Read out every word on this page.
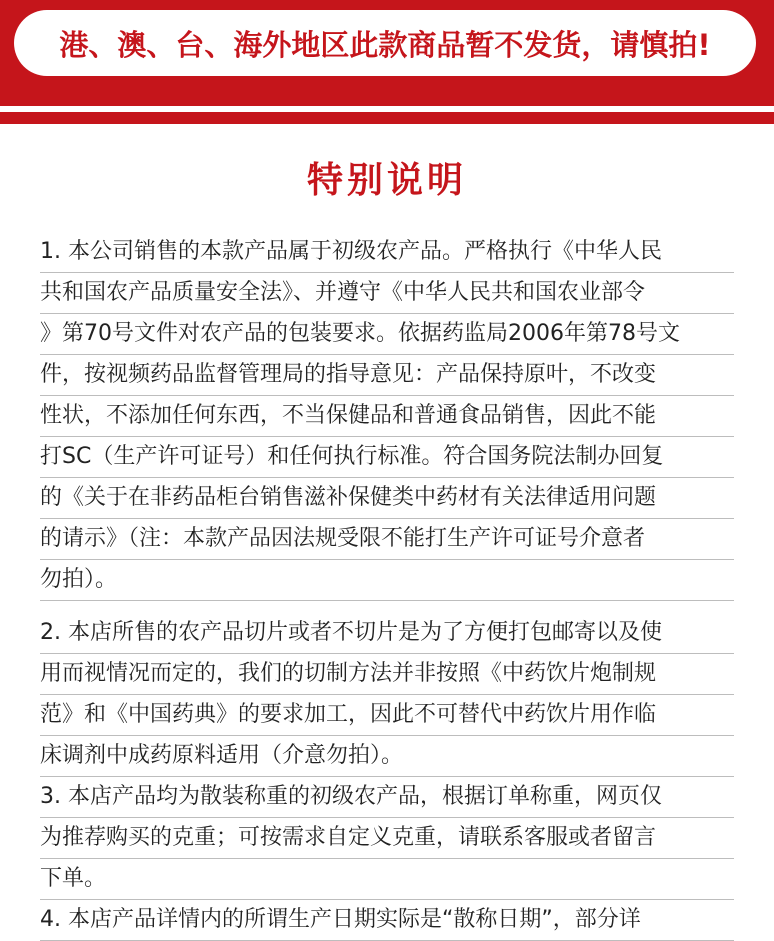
港、澳、台、海外地区此款商品暂不发货，请慎拍!
特别说明
1. 本公司销售的本款产品属于初级农产品。严格执行《中华人民
共和国农产品质量安全法》、并遵守《中华人民共和国农业部令
》第70号文件对农产品的包装要求。依据药监局2006年第78号文
件，按视频药品监督管理局的指导意见：产品保持原叶，不改变
性状，不添加任何东西，不当保健品和普通食品销售，因此不能
打SC（生产许可证号）和任何执行标准。符合国务院法制办回复
的《关于在非药品柜台销售滋补保健类中药材有关法律适用问题
的请示》（注：本款产品因法规受限不能打生产许可证号介意者
勿拍）。
2. 本店所售的农产品切片或者不切片是为了方便打包邮寄以及使
用而视情况而定的，我们的切制方法并非按照《中药饮片炮制规
范》和《中国药典》的要求加工，因此不可替代中药饮片用作临
床调剂中成药原料适用（介意勿拍）。
3. 本店产品均为散装称重的初级农产品，根据订单称重，网页仅
为推荐购买的克重；可按需求自定义克重，请联系客服或者留言
下单。
4. 本店产品详情内的所谓生产日期实际是“散称日期”，部分详
